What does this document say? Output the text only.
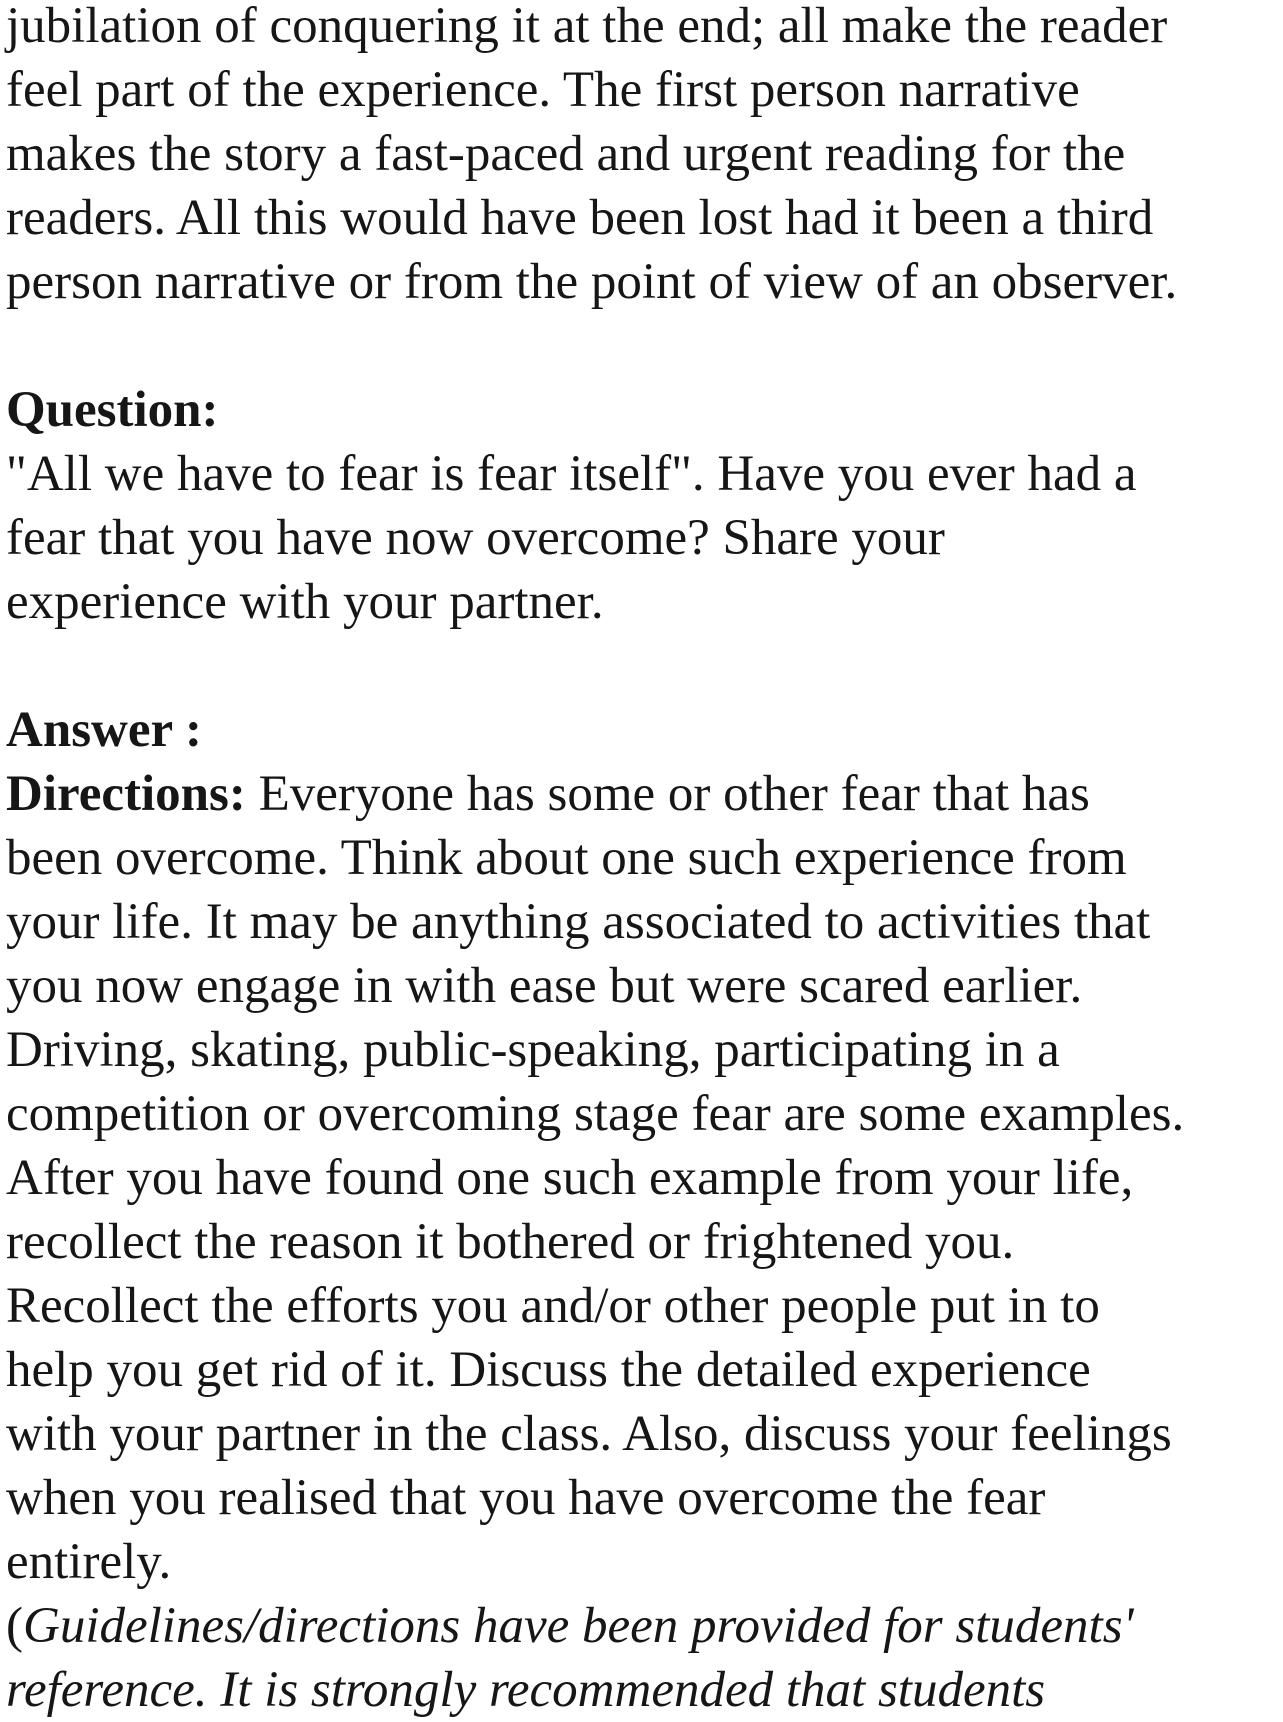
jubilation of conquering it at the end; all make the reader
feel part of the experience. The first person narrative
makes the story a fast-paced and urgent reading for the
readers. All this would have been lost had it been a third
person narrative or from the point of view of an observer.
Question:
"All we have to fear is fear itself". Have you ever had a
fear that you have now overcome? Share your
experience with your partner.
Answer :
Directions: Everyone has some or other fear that has
been overcome. Think about one such experience from
your life. It may be anything associated to activities that
you now engage in with ease but were scared earlier.
Driving, skating, public-speaking, participating in a
competition or overcoming stage fear are some examples.
After you have found one such example from your life,
recollect the reason it bothered or frightened you.
Recollect the efforts you and/or other people put in to
help you get rid of it. Discuss the detailed experience
with your partner in the class. Also, discuss your feelings
when you realised that you have overcome the fear
entirely.
(Guidelines/directions have been provided for students'
reference. It is strongly recommended that students
